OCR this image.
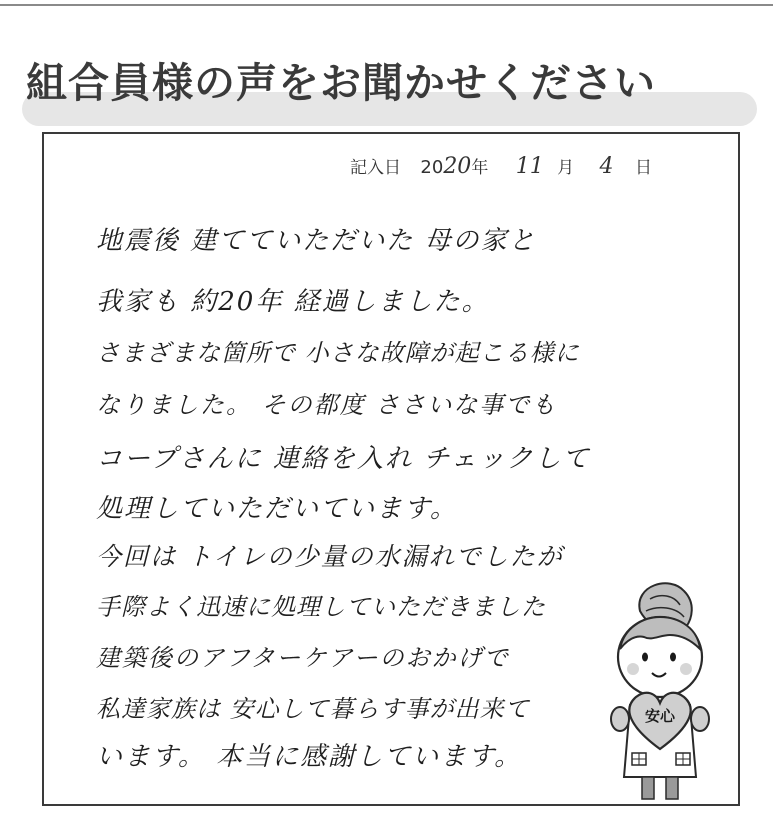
組合員様の声をお聞かせください
記入日 2020年 11 月 4 日
地震後 建てていただいた 母の家と
我家も 約20年 経過しました。
さまざまな箇所で 小さな故障が起こる様に
なりました。 その都度 ささいな事でも
コープさんに 連絡を入れ チェックして
処理していただいています。
今回は トイレの少量の水漏れでしたが
手際よく迅速に処理していただきました
建築後のアフターケアーのおかげで
私達家族は 安心して暮らす事が出来て
います。 本当に感謝しています。
安心
